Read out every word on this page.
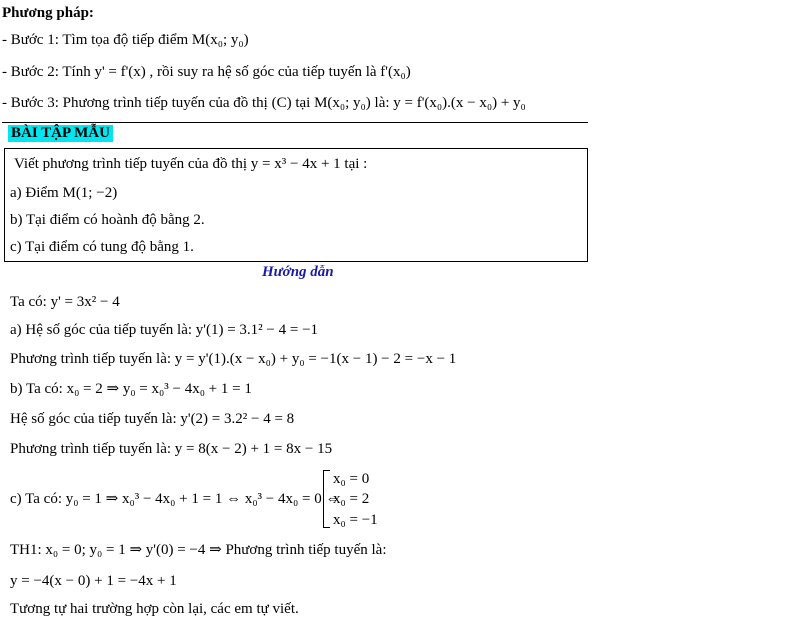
Phương pháp:
- Bước 1: Tìm tọa độ tiếp điểm M(x₀; y₀)
- Bước 2: Tính y' = f'(x) , rồi suy ra hệ số góc của tiếp tuyến là f'(x₀)
- Bước 3: Phương trình tiếp tuyến của đồ thị (C) tại M(x₀; y₀) là: y = f'(x₀).(x − x₀) + y₀
BÀI TẬP MẪU
Viết phương trình tiếp tuyến của đồ thị y = x³ − 4x + 1 tại :
a) Điểm M(1; −2)
b) Tại điểm có hoành độ bằng 2.
c) Tại điểm có tung độ bằng 1.
Hướng dẫn
Ta có: y' = 3x² − 4
a) Hệ số góc của tiếp tuyến là: y'(1) = 3.1² − 4 = −1
Phương trình tiếp tuyến là: y = y'(1).(x − x₀) + y₀ = −1(x − 1) − 2 = −x − 1
b) Ta có: x₀ = 2 ⇒ y₀ = x₀³ − 4x₀ + 1 = 1
Hệ số góc của tiếp tuyến là: y'(2) = 3.2² − 4 = 8
Phương trình tiếp tuyến là: y = 8(x − 2) + 1 = 8x − 15
c) Ta có: y₀ = 1 ⇒ x₀³ − 4x₀ + 1 = 1 ⇔ x₀³ − 4x₀ = 0 ⇔
x₀ = 0
x₀ = 2
x₀ = −1
TH1: x₀ = 0; y₀ = 1 ⇒ y'(0) = −4 ⇒ Phương trình tiếp tuyến là:
y = −4(x − 0) + 1 = −4x + 1
Tương tự hai trường hợp còn lại, các em tự viết.
